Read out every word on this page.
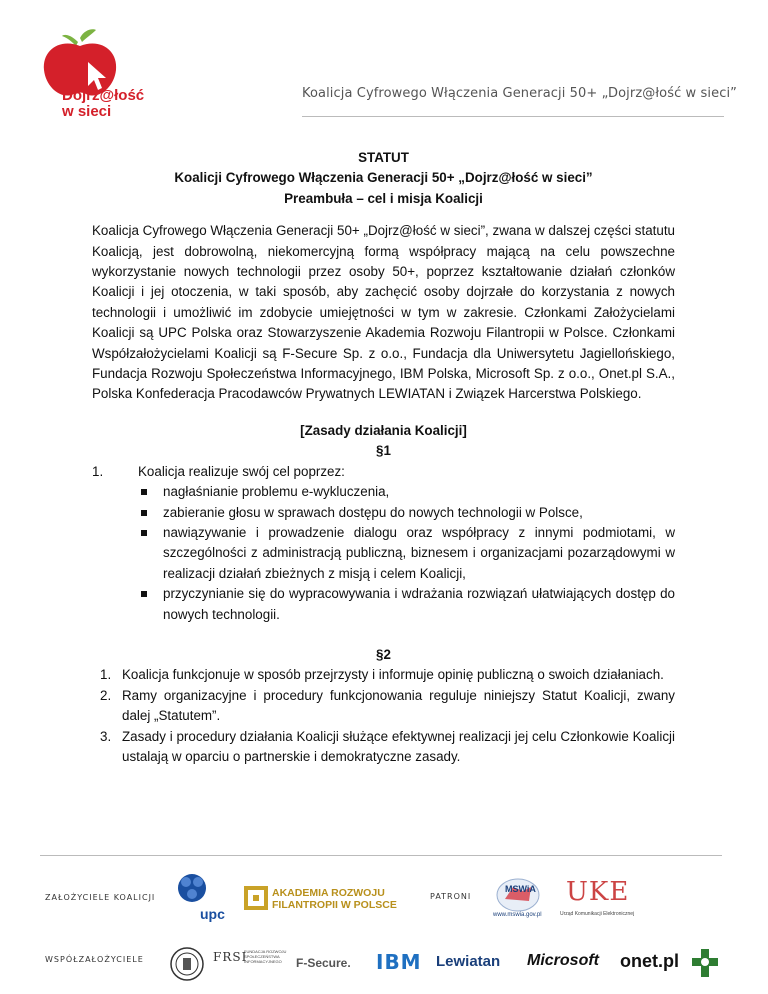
Dojrz@łość
w sieci
Koalicja Cyfrowego Włączenia Generacji 50+ „Dojrz@łość w sieci”
STATUT
Koalicji Cyfrowego Włączenia Generacji 50+ „Dojrz@łość w sieci”
Preambuła – cel i misja Koalicji

Koalicja Cyfrowego Włączenia Generacji 50+ „Dojrz@łość w sieci”, zwana w dalszej części statutu Koalicją, jest dobrowolną, niekomercyjną formą współpracy mającą na celu powszechne wykorzystanie nowych technologii przez osoby 50+, poprzez kształtowanie działań członków Koalicji i jej otoczenia, w taki sposób, aby zachęcić osoby dojrzałe do korzystania z nowych technologii i umożliwić im zdobycie umiejętności w tym w zakresie. Członkami Założycielami Koalicji są UPC Polska oraz Stowarzyszenie Akademia Rozwoju Filantropii w Polsce. Członkami Współzałożycielami Koalicji są F-Secure Sp. z o.o., Fundacja dla Uniwersytetu Jagiellońskiego, Fundacja Rozwoju Społeczeństwa Informacyjnego, IBM Polska, Microsoft Sp. z o.o., Onet.pl S.A., Polska Konfederacja Pracodawców Prywatnych LEWIATAN i Związek Harcerstwa Polskiego.

[Zasady działania Koalicji]
§1
1.	Koalicja realizuje swój cel poprzez:
nagłaśnianie problemu e-wykluczenia,
zabieranie głosu w sprawach dostępu do nowych technologii w Polsce,
nawiązywanie i prowadzenie dialogu oraz współpracy z innymi podmiotami, w szczególności z administracją publiczną, biznesem i organizacjami pozarządowymi w realizacji działań zbieżnych z misją i celem Koalicji,
przyczynianie się do wypracowywania i wdrażania rozwiązań ułatwiających dostęp do nowych technologii.
§2
1. Koalicja funkcjonuje w sposób przejrzysty i informuje opinię publiczną o swoich działaniach.
2. Ramy organizacyjne i procedury funkcjonowania reguluje niniejszy Statut Koalicji, zwany dalej „Statutem”.
3. Zasady i procedury działania Koalicji służące efektywnej realizacji jej celu Członkowie Koalicji ustalają w oparciu o partnerskie i demokratyczne zasady.
ZAŁOŻYCIELE KOALICJI	PATRONI
WSPÓŁZAŁOŻYCIELE
upc
AKADEMIA ROZWOJU
FILANTROPII W POLSCE
MSWiA
www.mswia.gov.pl
UKE
Urząd Komunikacji Elektronicznej
FRSI
FUNDACJA ROZWOJU SPOŁECZEŃSTWA INFORMACYJNEGO	F-Secure. IBM Lewiatan Microsoft onet.pl
